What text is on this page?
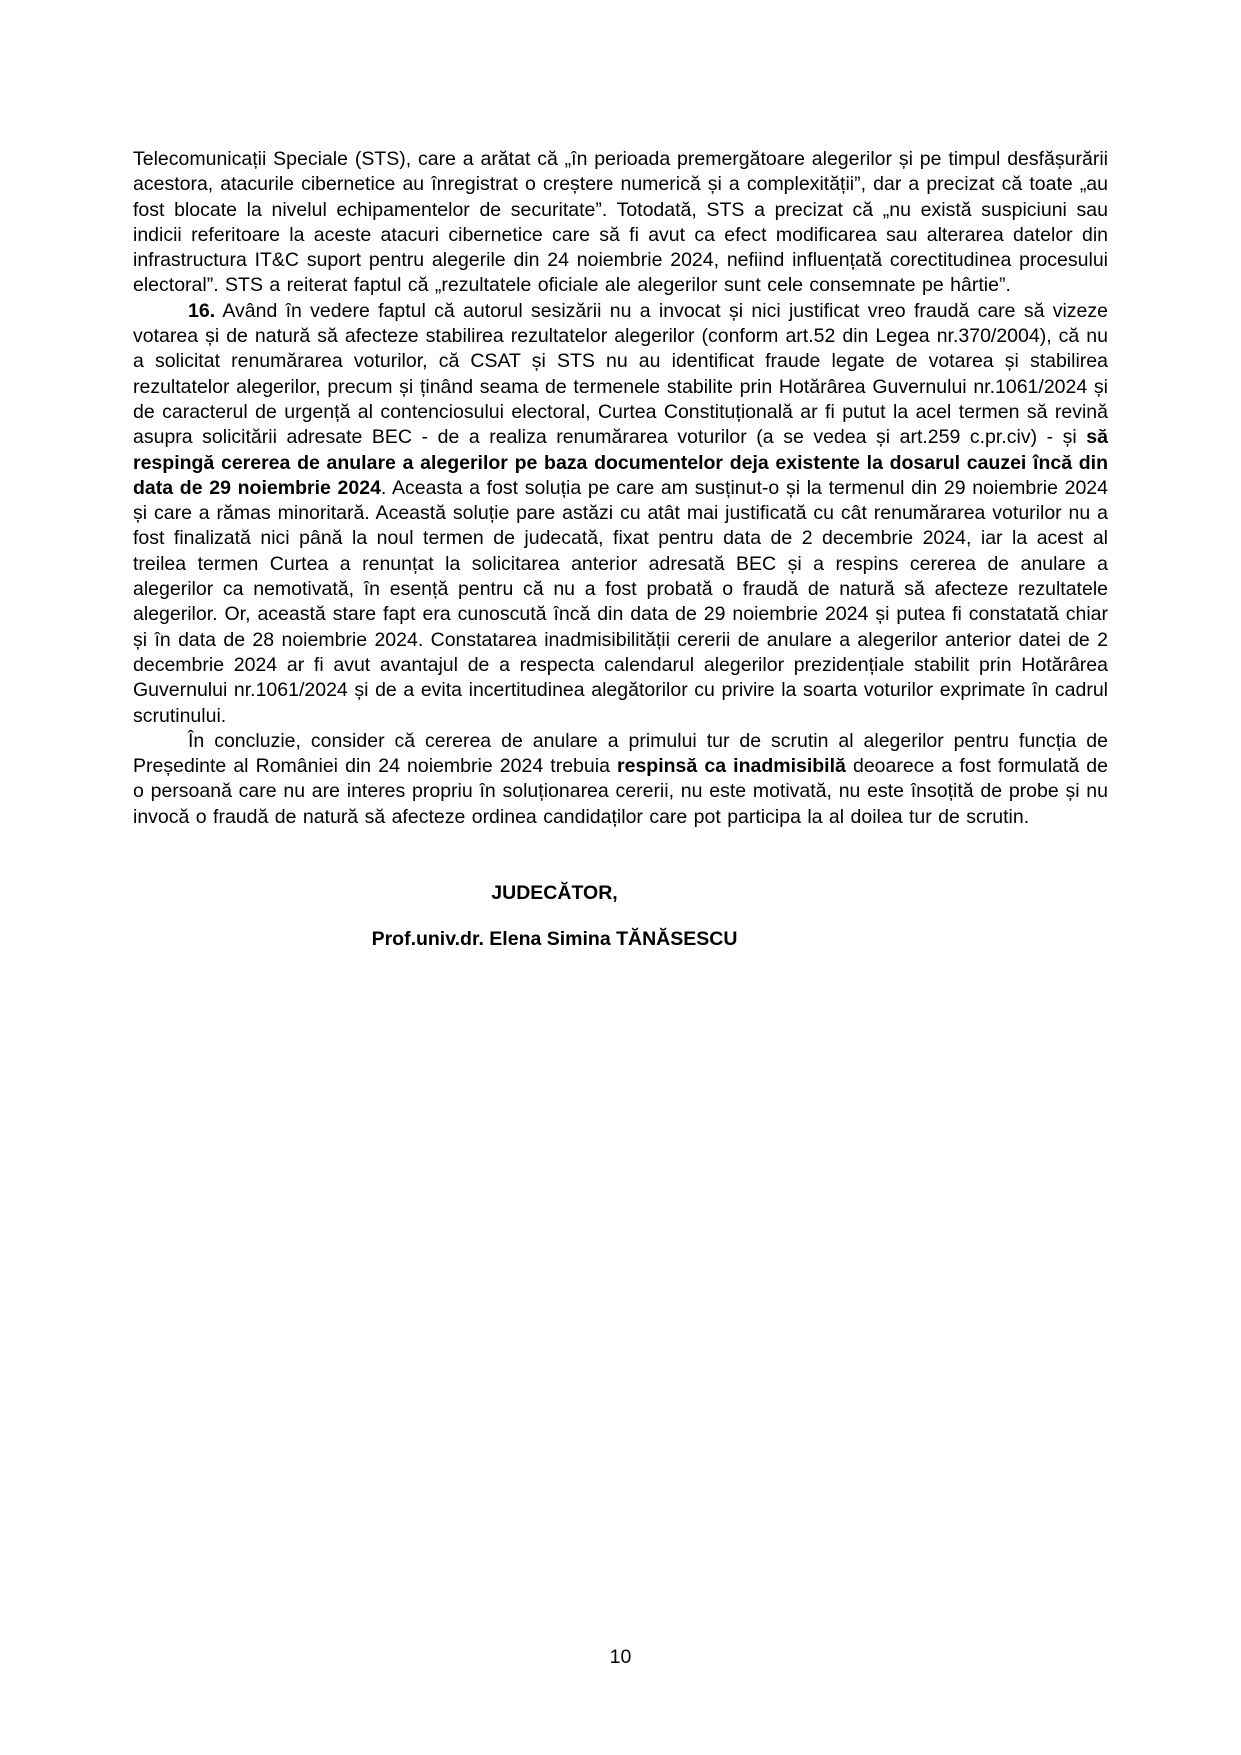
Telecomunicații Speciale (STS), care a arătat că „în perioada premergătoare alegerilor și pe timpul desfășurării acestora, atacurile cibernetice au înregistrat o creștere numerică și a complexității”, dar a precizat că toate „au fost blocate la nivelul echipamentelor de securitate”. Totodată, STS a precizat că „nu există suspiciuni sau indicii referitoare la aceste atacuri cibernetice care să fi avut ca efect modificarea sau alterarea datelor din infrastructura IT&C suport pentru alegerile din 24 noiembrie 2024, nefiind influențată corectitudinea procesului electoral”. STS a reiterat faptul că „rezultatele oficiale ale alegerilor sunt cele consemnate pe hârtie”.

16. Având în vedere faptul că autorul sesizării nu a invocat și nici justificat vreo fraudă care să vizeze votarea și de natură să afecteze stabilirea rezultatelor alegerilor (conform art.52 din Legea nr.370/2004), că nu a solicitat renumărarea voturilor, că CSAT și STS nu au identificat fraude legate de votarea și stabilirea rezultatelor alegerilor, precum și ținând seama de termenele stabilite prin Hotărârea Guvernului nr.1061/2024 și de caracterul de urgență al contenciosului electoral, Curtea Constituțională ar fi putut la acel termen să revină asupra solicitării adresate BEC - de a realiza renumărarea voturilor (a se vedea și art.259 c.pr.civ) - și să respingă cererea de anulare a alegerilor pe baza documentelor deja existente la dosarul cauzei încă din data de 29 noiembrie 2024. Aceasta a fost soluția pe care am susținut-o și la termenul din 29 noiembrie 2024 și care a rămas minoritară. Această soluție pare astăzi cu atât mai justificată cu cât renumărarea voturilor nu a fost finalizată nici până la noul termen de judecată, fixat pentru data de 2 decembrie 2024, iar la acest al treilea termen Curtea a renunțat la solicitarea anterior adresată BEC și a respins cererea de anulare a alegerilor ca nemotivată, în esență pentru că nu a fost probată o fraudă de natură să afecteze rezultatele alegerilor. Or, această stare fapt era cunoscută încă din data de 29 noiembrie 2024 și putea fi constatată chiar și în data de 28 noiembrie 2024. Constatarea inadmisibilității cererii de anulare a alegerilor anterior datei de 2 decembrie 2024 ar fi avut avantajul de a respecta calendarul alegerilor prezidențiale stabilit prin Hotărârea Guvernului nr.1061/2024 și de a evita incertitudinea alegătorilor cu privire la soarta voturilor exprimate în cadrul scrutinului.

În concluzie, consider că cererea de anulare a primului tur de scrutin al alegerilor pentru funcția de Președinte al României din 24 noiembrie 2024 trebuia respinsă ca inadmisibilă deoarece a fost formulată de o persoană care nu are interes propriu în soluționarea cererii, nu este motivată, nu este însoțită de probe și nu invocă o fraudă de natură să afecteze ordinea candidaților care pot participa la al doilea tur de scrutin.

JUDECĂTOR,

Prof.univ.dr. Elena Simina TĂNĂSESCU

10
